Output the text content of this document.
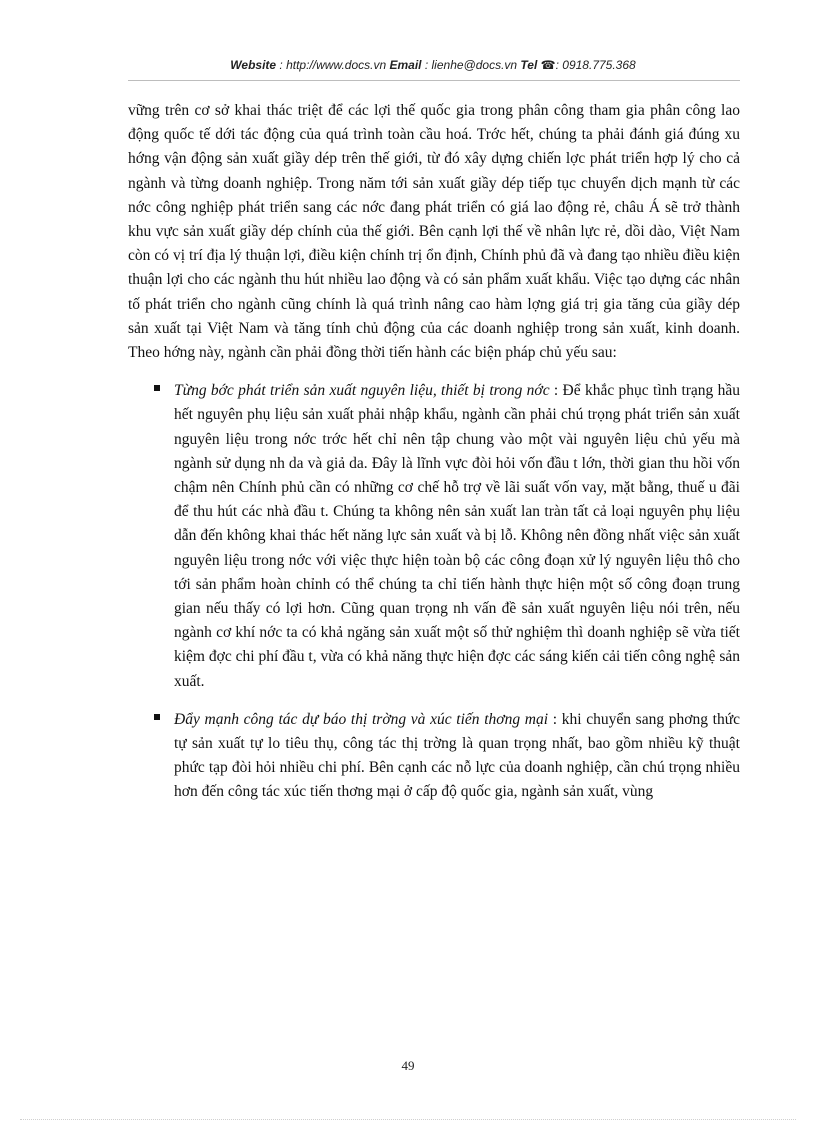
Website : http://www.docs.vn Email : lienhe@docs.vn Tel ☎: 0918.775.368

vững trên cơ sở khai thác triệt để các lợi thế quốc gia trong phân công tham gia phân công lao động quốc tế dới tác động của quá trình toàn cầu hoá. Trớc hết, chúng ta phải đánh giá đúng xu hớng vận động sản xuất giầy dép trên thế giới, từ đó xây dựng chiến lợc phát triển hợp lý cho cả ngành và từng doanh nghiệp. Trong năm tới sản xuất giầy dép tiếp tục chuyển dịch mạnh từ các nớc công nghiệp phát triển sang các nớc đang phát triển có giá lao động rẻ, châu Á sẽ trở thành khu vực sản xuất giầy dép chính của thế giới. Bên cạnh lợi thế về nhân lực rẻ, dồi dào, Việt Nam còn có vị trí địa lý thuận lợi, điều kiện chính trị ổn định, Chính phủ đã và đang tạo nhiều điều kiện thuận lợi cho các ngành thu hút nhiều lao động và có sản phẩm xuất khẩu. Việc tạo dựng các nhân tố phát triển cho ngành cũng chính là quá trình nâng cao hàm lợng giá trị gia tăng của giầy dép sản xuất tại Việt Nam và tăng tính chủ động của các doanh nghiệp trong sản xuất, kinh doanh. Theo hớng này, ngành cần phải đồng thời tiến hành các biện pháp chủ yếu sau:

Từng bớc phát triển sản xuất nguyên liệu, thiết bị trong nớc : Để khắc phục tình trạng hầu hết nguyên phụ liệu sản xuất phải nhập khẩu, ngành cần phải chú trọng phát triển sản xuất nguyên liệu trong nớc trớc hết chỉ nên tập chung vào một vài nguyên liệu chủ yếu mà ngành sử dụng nh da và giả da. Đây là lĩnh vực đòi hỏi vốn đầu t lớn, thời gian thu hồi vốn chậm nên Chính phủ cần có những cơ chế hỗ trợ về lãi suất vốn vay, mặt bằng, thuế u đãi để thu hút các nhà đầu t. Chúng ta không nên sản xuất lan tràn tất cả loại nguyên phụ liệu dẫn đến không khai thác hết năng lực sản xuất và bị lỗ. Không nên đồng nhất việc sản xuất nguyên liệu trong nớc với việc thực hiện toàn bộ các công đoạn xử lý nguyên liệu thô cho tới sản phẩm hoàn chỉnh có thể chúng ta chỉ tiến hành thực hiện một số công đoạn trung gian nếu thấy có lợi hơn. Cũng quan trọng nh vấn đề sản xuất nguyên liệu nói trên, nếu ngành cơ khí nớc ta có khả ngăng sản xuất một số thử nghiệm thì doanh nghiệp sẽ vừa tiết kiệm đợc chi phí đầu t, vừa có khả năng thực hiện đợc các sáng kiến cải tiến công nghệ sản xuất.
Đẩy mạnh công tác dự báo thị trờng và xúc tiến thơng mại : khi chuyển sang phơng thức tự sản xuất tự lo tiêu thụ, công tác thị trờng là quan trọng nhất, bao gồm nhiều kỹ thuật phức tạp đòi hỏi nhiều chi phí. Bên cạnh các nỗ lực của doanh nghiệp, cần chú trọng nhiều hơn đến công tác xúc tiến thơng mại ở cấp độ quốc gia, ngành sản xuất, vùng
49
